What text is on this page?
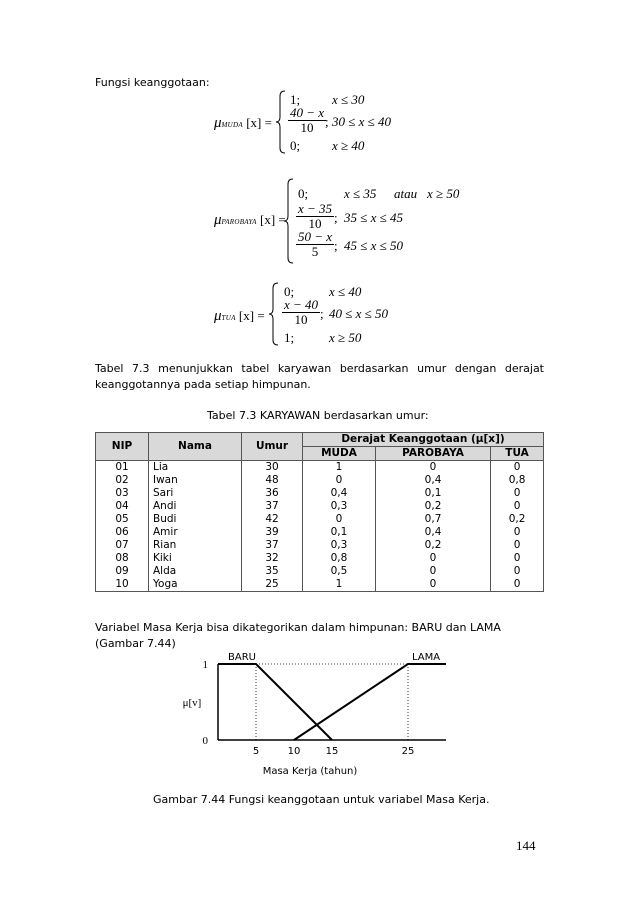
Fungsi keanggotaan:
μMUDA [x] =
1; x ≤ 30
$\frac{40 - x}{10}$
; 30 ≤ x ≤ 40
0; x ≥ 40
μPAROBAYA [x] =
0;	x ≤ 35 atau x ≥ 50
$\frac{x - 35}{10}$ ; 35 ≤ x ≤ 45
$\frac{50 - x}{5}$ ; 45 ≤ x ≤ 50
μTUA [x] =
0;	x ≤ 40
$\frac{x - 40}{10}$ ; 40 ≤ x ≤ 50
1;	x ≥ 50
Tabel 7.3 menunjukkan tabel karyawan berdasarkan umur dengan derajat keanggotannya pada setiap himpunan.
Tabel 7.3 KARYAWAN berdasarkan umur:
NIP	Nama	Umur	Derajat Keanggotaan (μ[x])		
			MUDA	PAROBAYA	TUA
01	Lia	30	1	0	0
02	Iwan	48	0	0,4	0,8
03	Sari	36	0,4	0,1	0
04	Andi	37	0,3	0,2	0
05	Budi	42	0	0,7	0,2
06	Amir	39	0,1	0,4	0
07	Rian	37	0,3	0,2	0
08	Kiki	32	0,8	0	0
09	Alda	35	0,5	0	0
10	Yoga	25	1	0	0
Variabel Masa Kerja bisa dikategorikan dalam himpunan: BARU dan LAMA
(Gambar 7.44)
BARU	LAMA
5	10	15	25
0
1
μ[v]
Masa Kerja (tahun)
Gambar 7.44 Fungsi keanggotaan untuk variabel Masa Kerja.
144
